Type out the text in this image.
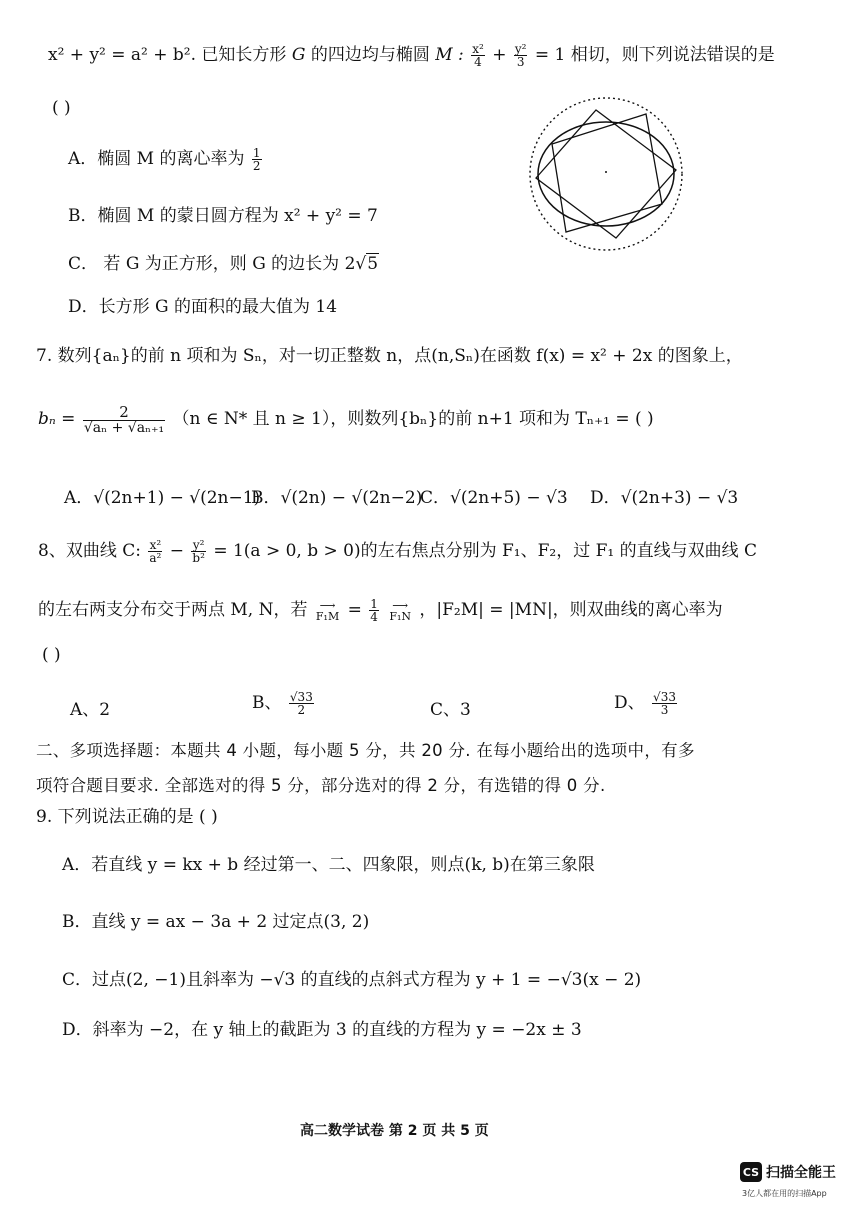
x² + y² = a² + b². 已知长方形 G 的四边均与椭圆 M : $\frac{\text{x²}}{4} + \frac{\text{y²}}{3} = 1$ 相切，则下列说法错误的是
( )
A．椭圆 M 的离心率为 $\frac{1}{2}$
B．椭圆 M 的蒙日圆方程为 x² + y² = 7
C． 若 G 为正方形，则 G 的边长为 2√5
D．长方形 G 的面积的最大值为 14
7. 数列{aₙ}的前 n 项和为 Sₙ，对一切正整数 n，点(n,Sₙ)在函数 f(x) = x² + 2x 的图象上，
$b_n = \frac{2}{\text{√aₙ + √aₙ₊₁}} (n$ ∈ N* 且 n ≥ 1），则数列{bₙ}的前 n+1 项和为 Tₙ₊₁ = ( )
A．√(2n+1) − √(2n−1)
B．√(2n) − √(2n−2)
C．√(2n+5) − √3 D．√(2n+3) − √3
8、双曲线 C: $\frac{\text{x²}}{\text{a²}} - \frac{\text{y²}}{\text{b²}} = 1(a > 0$, b > 0)的左右焦点分别为 F₁、F₂，过 F₁ 的直线与双曲线 C
的左右两支分布交于两点 M, N，若	⟶
$F_1M = \frac{1}{4}$
	⟶
F₁N ，|F₂M| = |MN|，则双曲线的离心率为
( )
A、2	B、 $\frac{√33}{2}$	C、3	D、 $\frac{√33}{3}$
二、多项选择题：本题共 4 小题，每小题 5 分，共 20 分. 在每小题给出的选项中，有多
项符合题目要求. 全部选对的得 5 分，部分选对的得 2 分，有选错的得 0 分.
9. 下列说法正确的是 ( )
A．若直线 y = kx + b 经过第一、二、四象限，则点(k, b)在第三象限
B．直线 y = ax − 3a + 2 过定点(3, 2)
C．过点(2, −1)且斜率为 −√3 的直线的点斜式方程为 y + 1 = −√3(x − 2)
D．斜率为 −2，在 y 轴上的截距为 3 的直线的方程为 y = −2x ± 3
高二数学试卷 第 2 页 共 5 页
CS 扫描全能王
3亿人都在用的扫描App
